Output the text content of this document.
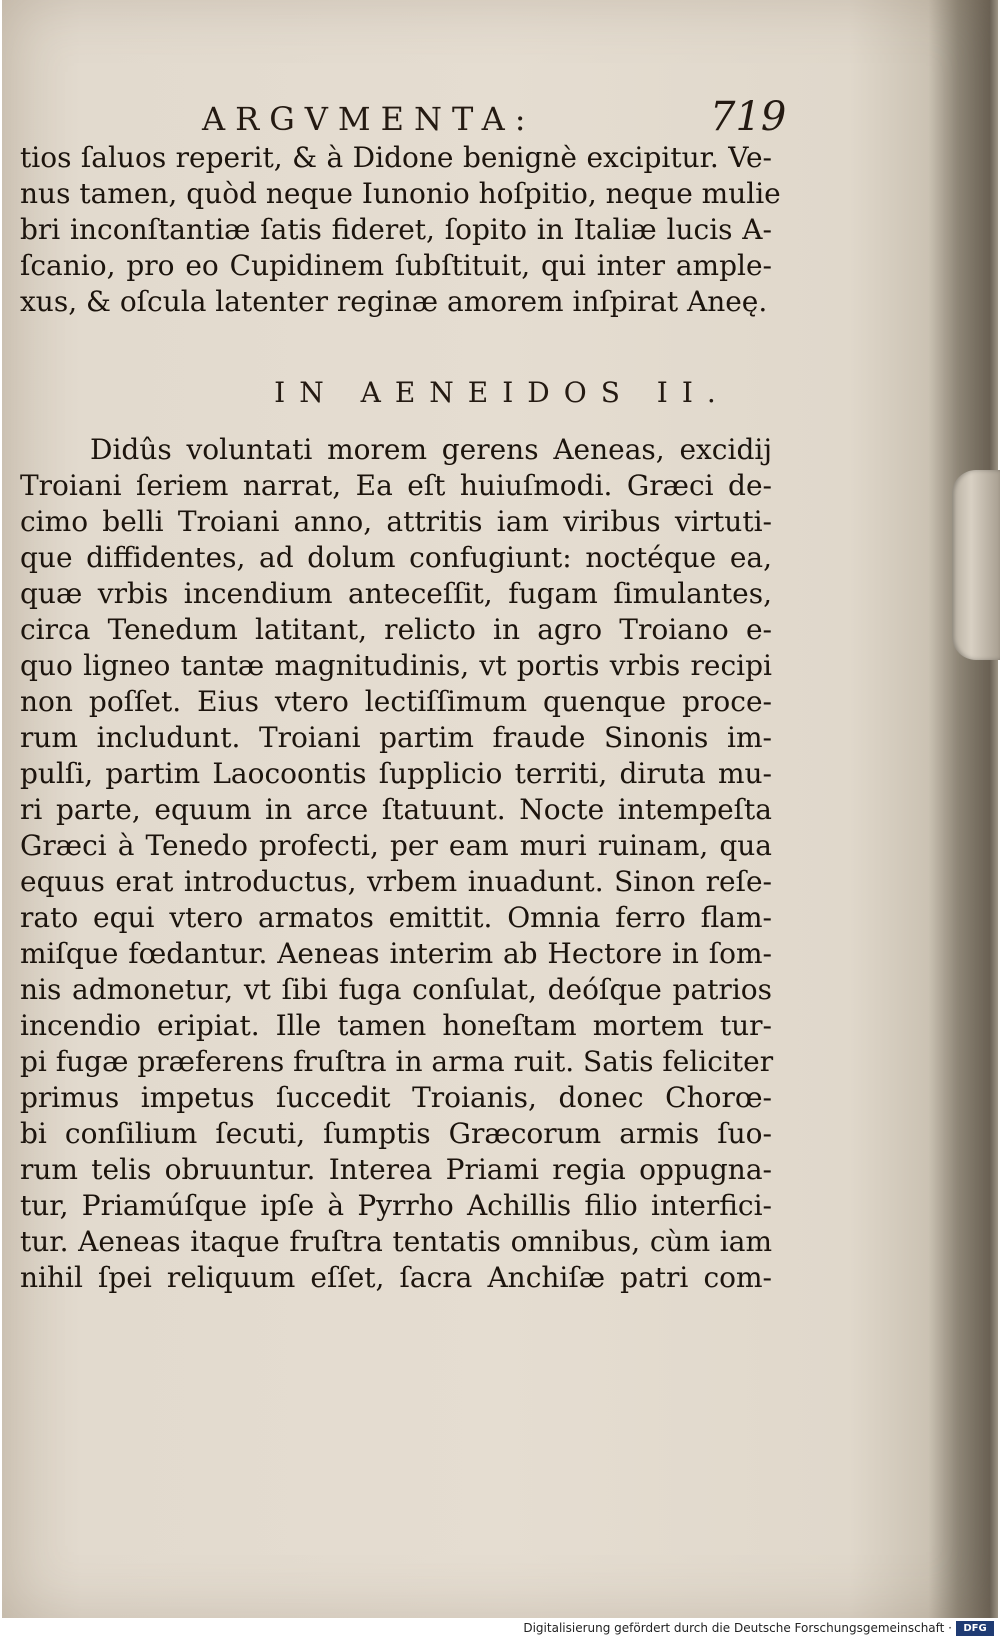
ARGVMENTA:	719
tios ſaluos reperit, & à Didone benignè excipitur. Ve-
nus tamen, quòd neque Iunonio hoſpitio, neque mulie
bri inconſtantiæ ſatis fideret, ſopito in Italiæ lucis A-
ſcanio, pro eo Cupidinem ſubſtituit, qui inter ample-
xus, & oſcula latenter reginæ amorem inſpirat Aneę.
IN AENEIDOS II.
Didûs voluntati morem gerens Aeneas, excidij
Troiani ſeriem narrat, Ea eſt huiuſmodi. Græci de-
cimo belli Troiani anno, attritis iam viribus virtuti-
que diffidentes, ad dolum confugiunt: noctéque ea,
quæ vrbis incendium anteceſſit, fugam ſimulantes,
circa Tenedum latitant, relicto in agro Troiano e-
quo ligneo tantæ magnitudinis, vt portis vrbis recipi
non poſſet. Eius vtero lectiſſimum quenque proce-
rum includunt. Troiani partim fraude Sinonis im-
pulſi, partim Laocoontis ſupplicio territi, diruta mu-
ri parte, equum in arce ſtatuunt. Nocte intempeſta
Græci à Tenedo profecti, per eam muri ruinam, qua
equus erat introductus, vrbem inuadunt. Sinon reſe-
rato equi vtero armatos emittit. Omnia ferro flam-
miſque fœdantur. Aeneas interim ab Hectore in ſom-
nis admonetur, vt ſibi fuga conſulat, deóſque patrios
incendio eripiat. Ille tamen honeſtam mortem tur-
pi fugæ præferens fruſtra in arma ruit. Satis feliciter
primus impetus ſuccedit Troianis, donec Chorœ-
bi conſilium ſecuti, ſumptis Græcorum armis ſuo-
rum telis obruuntur. Interea Priami regia oppugna-
tur, Priamúſque ipſe à Pyrrho Achillis filio interfici-
tur. Aeneas itaque fruſtra tentatis omnibus, cùm iam
nihil ſpei reliquum eſſet, ſacra Anchiſæ patri com-
Digitalisierung gefördert durch die Deutsche Forschungsgemeinschaft ·	DFG
